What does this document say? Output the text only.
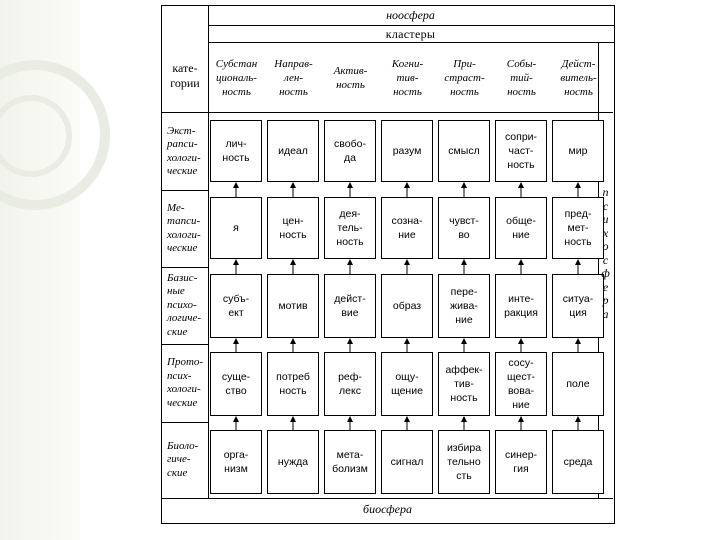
ноосфера
кластеры
кате-
гории
Субстан
циональ-
ность
Направ-
лен-
ность
Актив-
ность
Когни-
тив-
ность
При-
страст-
ность
Собы-
тий-
ность
Дейст-
витель-
ность
Экст-
рапси-
хологи-
ческие
Ме-
тапси-
хологи-
ческие
Базис-
ные
психо-
логиче-
ские
Прото-
псих-
хологи-
ческие
Биоло-
гиче-
ские
лич-
ность
идеал
свобо-
да
разум	смысл
сопри-
част-
ность
мир
я
цен-
ность
дея-
тель-
ность
созна-
ние
чувст-
во
обще-
ние
пред-
мет-
ность
субъ-
ект
мотив
дейст-
вие
образ
пере-
жива-
ние
инте-
ракция
ситуа-
ция
суще-
ство
потреб
ность
реф-
лекс
ощу-
щение
аффек-
тив-
ность
сосу-
щест-
вова-
ние
поле
орга-
низм
нужда
мета-
болизм
сигнал
избира
тельно
сть
синер-
гия
среда
п
с
и
х
о
с
ф
е
р
а
биосфера
